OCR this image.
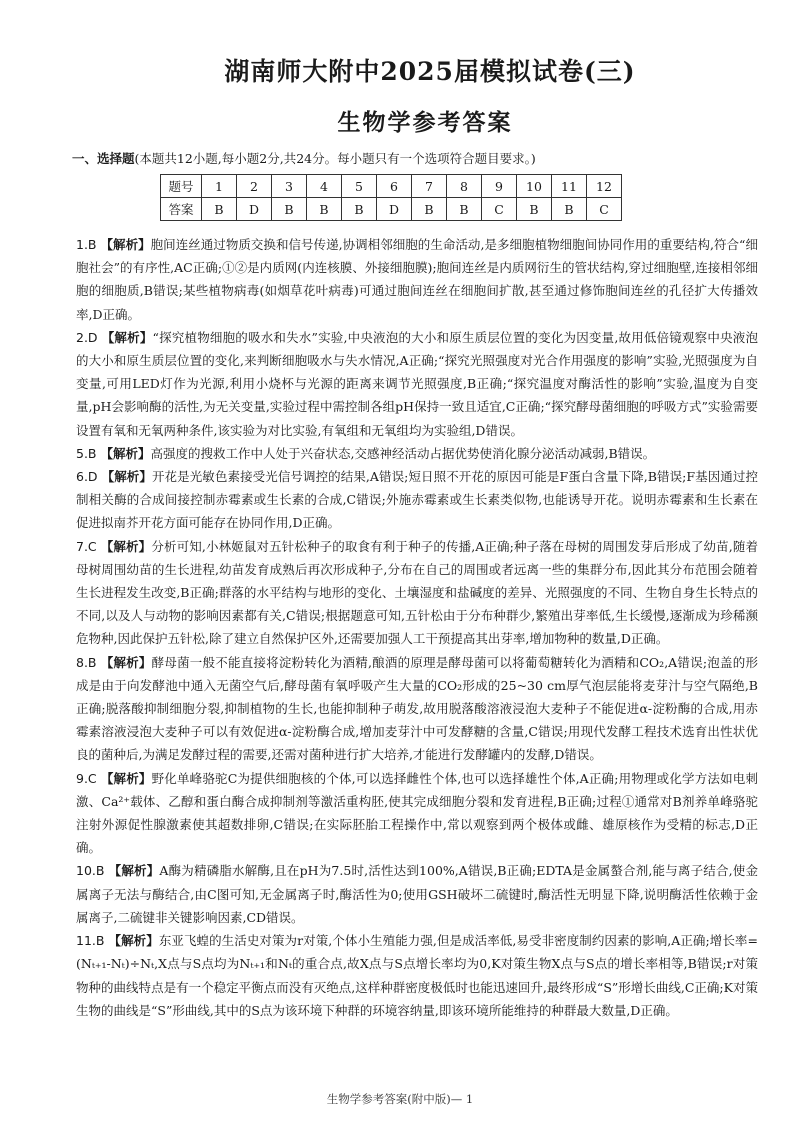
湖南师大附中2025届模拟试卷(三)
生物学参考答案
一、选择题(本题共12小题,每小题2分,共24分。每小题只有一个选项符合题目要求。)
题号	1	2	3	4	5	6	7	8	9	10	11	12
答案	B	D	B	B	B	D	B	B	C	B	B	C
1.B 【解析】胞间连丝通过物质交换和信号传递,协调相邻细胞的生命活动,是多细胞植物细胞间协同作用的重要结构,符合“细胞社会”的有序性,AC正确;①②是内质网(内连核膜、外接细胞膜);胞间连丝是内质网衍生的管状结构,穿过细胞壁,连接相邻细胞的细胞质,B错误;某些植物病毒(如烟草花叶病毒)可通过胞间连丝在细胞间扩散,甚至通过修饰胞间连丝的孔径扩大传播效率,D正确。
2.D 【解析】“探究植物细胞的吸水和失水”实验,中央液泡的大小和原生质层位置的变化为因变量,故用低倍镜观察中央液泡的大小和原生质层位置的变化,来判断细胞吸水与失水情况,A正确;“探究光照强度对光合作用强度的影响”实验,光照强度为自变量,可用LED灯作为光源,利用小烧杯与光源的距离来调节光照强度,B正确;“探究温度对酶活性的影响”实验,温度为自变量,pH会影响酶的活性,为无关变量,实验过程中需控制各组pH保持一致且适宜,C正确;“探究酵母菌细胞的呼吸方式”实验需要设置有氧和无氧两种条件,该实验为对比实验,有氧组和无氧组均为实验组,D错误。
5.B 【解析】高强度的搜救工作中人处于兴奋状态,交感神经活动占据优势使消化腺分泌活动减弱,B错误。
6.D 【解析】开花是光敏色素接受光信号调控的结果,A错误;短日照不开花的原因可能是F蛋白含量下降,B错误;F基因通过控制相关酶的合成间接控制赤霉素或生长素的合成,C错误;外施赤霉素或生长素类似物,也能诱导开花。说明赤霉素和生长素在促进拟南芥开花方面可能存在协同作用,D正确。
7.C 【解析】分析可知,小林姬鼠对五针松种子的取食有利于种子的传播,A正确;种子落在母树的周围发芽后形成了幼苗,随着母树周围幼苗的生长进程,幼苗发育成熟后再次形成种子,分布在自己的周围或者远离一些的集群分布,因此其分布范围会随着生长进程发生改变,B正确;群落的水平结构与地形的变化、土壤湿度和盐碱度的差异、光照强度的不同、生物自身生长特点的不同,以及人与动物的影响因素都有关,C错误;根据题意可知,五针松由于分布种群少,繁殖出芽率低,生长缓慢,逐渐成为珍稀濒危物种,因此保护五针松,除了建立自然保护区外,还需要加强人工干预提高其出芽率,增加物种的数量,D正确。
8.B 【解析】酵母菌一般不能直接将淀粉转化为酒精,酿酒的原理是酵母菌可以将葡萄糖转化为酒精和CO₂,A错误;泡盖的形成是由于向发酵池中通入无菌空气后,酵母菌有氧呼吸产生大量的CO₂形成的25~30 cm厚气泡层能将麦芽汁与空气隔绝,B正确;脱落酸抑制细胞分裂,抑制植物的生长,也能抑制种子萌发,故用脱落酸溶液浸泡大麦种子不能促进α-淀粉酶的合成,用赤霉素溶液浸泡大麦种子可以有效促进α-淀粉酶合成,增加麦芽汁中可发酵糖的含量,C错误;用现代发酵工程技术选育出性状优良的菌种后,为满足发酵过程的需要,还需对菌种进行扩大培养,才能进行发酵罐内的发酵,D错误。
9.C 【解析】野化单峰骆驼C为提供细胞核的个体,可以选择雌性个体,也可以选择雄性个体,A正确;用物理或化学方法如电刺激、Ca²⁺载体、乙醇和蛋白酶合成抑制剂等激活重构胚,使其完成细胞分裂和发育进程,B正确;过程①通常对B剂养单峰骆驼注射外源促性腺激素使其超数排卵,C错误;在实际胚胎工程操作中,常以观察到两个极体或雌、雄原核作为受精的标志,D正确。
10.B 【解析】A酶为精磷脂水解酶,且在pH为7.5时,活性达到100%,A错误,B正确;EDTA是金属螯合剂,能与离子结合,使金属离子无法与酶结合,由C图可知,无金属离子时,酶活性为0;使用GSH破坏二硫键时,酶活性无明显下降,说明酶活性依赖于金属离子,二硫键非关键影响因素,CD错误。
11.B 【解析】东亚飞蝗的生活史对策为r对策,个体小生殖能力强,但是成活率低,易受非密度制约因素的影响,A正确;增长率=(Nₜ₊₁-Nₜ)÷Nₜ,X点与S点均为Nₜ₊₁和Nₜ的重合点,故X点与S点增长率均为0,K对策生物X点与S点的增长率相等,B错误;r对策物种的曲线特点是有一个稳定平衡点而没有灭绝点,这样种群密度极低时也能迅速回升,最终形成“S”形增长曲线,C正确;K对策生物的曲线是“S”形曲线,其中的S点为该环境下种群的环境容纳量,即该环境所能维持的种群最大数量,D正确。
生物学参考答案(附中版)— 1
